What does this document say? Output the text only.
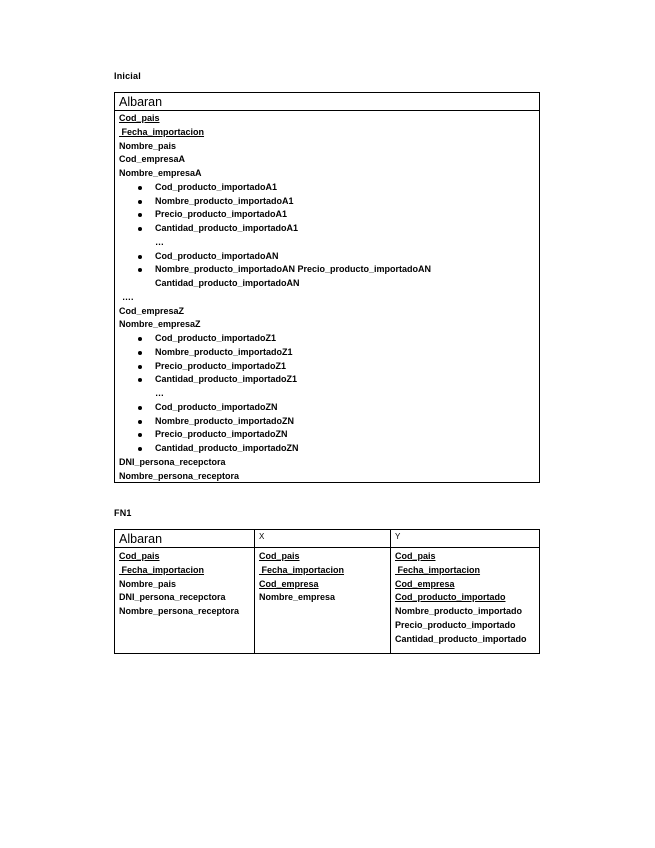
Inicial
Albaran
Cod_pais
Fecha_importacion
Nombre_pais
Cod_empresaA
Nombre_empresaA
Cod_producto_importadoA1
Nombre_producto_importadoA1
Precio_producto_importadoA1
Cantidad_producto_importadoA1
…
Cod_producto_importadoAN
Nombre_producto_importadoAN Precio_producto_importadoAN
Cantidad_producto_importadoAN
….
Cod_empresaZ
Nombre_empresaZ
Cod_producto_importadoZ1
Nombre_producto_importadoZ1
Precio_producto_importadoZ1
Cantidad_producto_importadoZ1
…
Cod_producto_importadoZN
Nombre_producto_importadoZN
Precio_producto_importadoZN
Cantidad_producto_importadoZN
DNI_persona_recepctora
Nombre_persona_receptora
FN1
Albaran
Cod_pais
Fecha_importacion
Nombre_pais
DNI_persona_recepctora
Nombre_persona_receptora
X
Cod_pais
Fecha_importacion
Cod_empresa
Nombre_empresa
Y
Cod_pais
Fecha_importacion
Cod_empresa
Cod_producto_importado
Nombre_producto_importado
Precio_producto_importado
Cantidad_producto_importado
